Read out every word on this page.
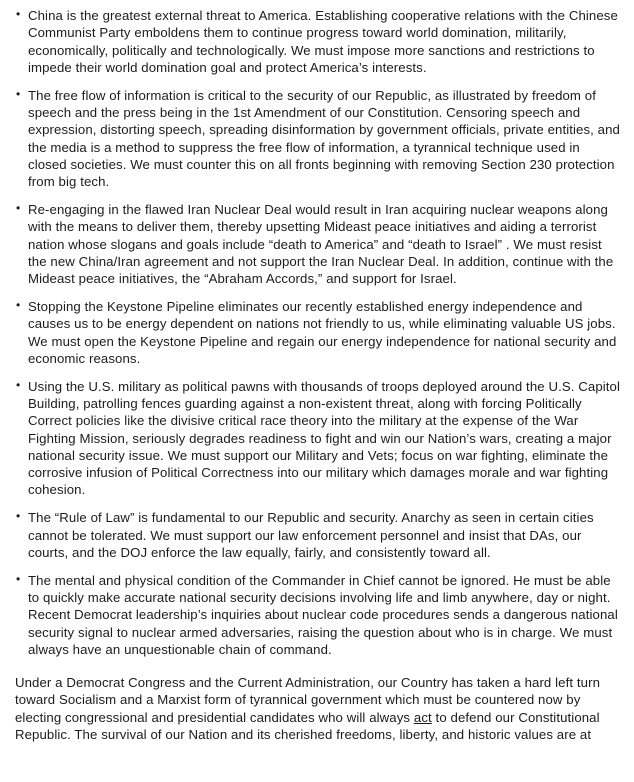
• China is the greatest external threat to America. Establishing cooperative relations with the Chinese Communist Party emboldens them to continue progress toward world domination, militarily, economically, politically and technologically. We must impose more sanctions and restrictions to impede their world domination goal and protect America’s interests.
• The free flow of information is critical to the security of our Republic, as illustrated by freedom of speech and the press being in the 1st Amendment of our Constitution. Censoring speech and expression, distorting speech, spreading disinformation by government officials, private entities, and the media is a method to suppress the free flow of information, a tyrannical technique used in closed societies. We must counter this on all fronts beginning with removing Section 230 protection from big tech.
• Re-engaging in the flawed Iran Nuclear Deal would result in Iran acquiring nuclear weapons along with the means to deliver them, thereby upsetting Mideast peace initiatives and aiding a terrorist nation whose slogans and goals include “death to America” and “death to Israel” . We must resist the new China/Iran agreement and not support the Iran Nuclear Deal. In addition, continue with the Mideast peace initiatives, the “Abraham Accords,” and support for Israel.
• Stopping the Keystone Pipeline eliminates our recently established energy independence and causes us to be energy dependent on nations not friendly to us, while eliminating valuable US jobs. We must open the Keystone Pipeline and regain our energy independence for national security and economic reasons.
• Using the U.S. military as political pawns with thousands of troops deployed around the U.S. Capitol Building, patrolling fences guarding against a non-existent threat, along with forcing Politically Correct policies like the divisive critical race theory into the military at the expense of the War Fighting Mission, seriously degrades readiness to fight and win our Nation’s wars, creating a major national security issue. We must support our Military and Vets; focus on war fighting, eliminate the corrosive infusion of Political Correctness into our military which damages morale and war fighting cohesion.
• The “Rule of Law” is fundamental to our Republic and security. Anarchy as seen in certain cities cannot be tolerated. We must support our law enforcement personnel and insist that DAs, our courts, and the DOJ enforce the law equally, fairly, and consistently toward all.
• The mental and physical condition of the Commander in Chief cannot be ignored. He must be able to quickly make accurate national security decisions involving life and limb anywhere, day or night. Recent Democrat leadership’s inquiries about nuclear code procedures sends a dangerous national security signal to nuclear armed adversaries, raising the question about who is in charge. We must always have an unquestionable chain of command.

Under a Democrat Congress and the Current Administration, our Country has taken a hard left turn toward Socialism and a Marxist form of tyrannical government which must be countered now by electing congressional and presidential candidates who will always act to defend our Constitutional Republic. The survival of our Nation and its cherished freedoms, liberty, and historic values are at
